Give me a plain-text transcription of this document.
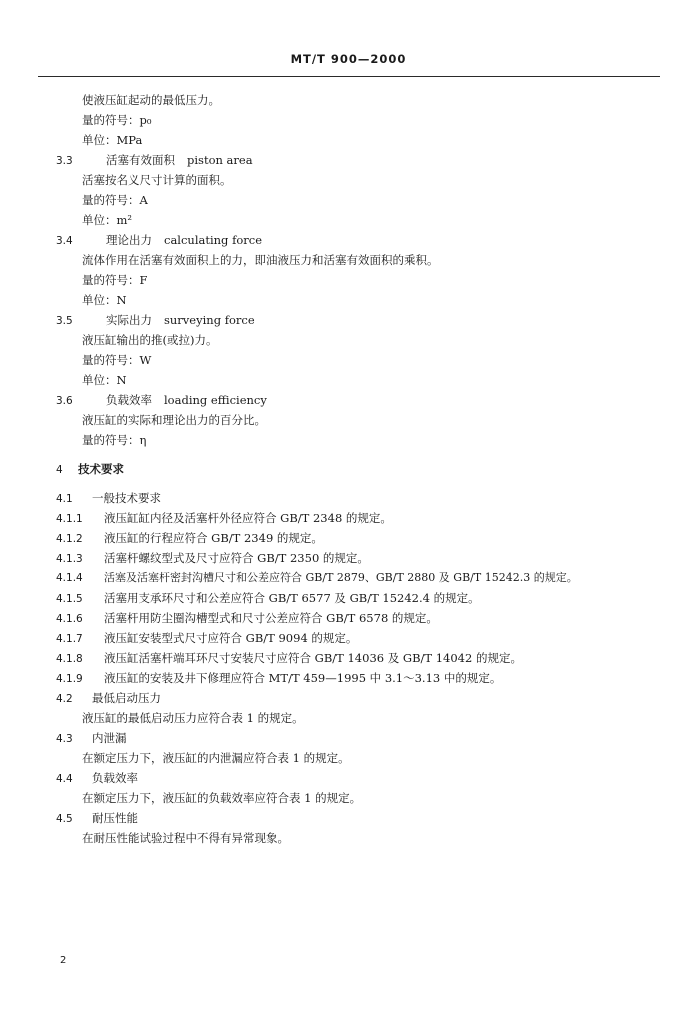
MT/T 900—2000
使液压缸起动的最低压力。
量的符号：p₀
单位：MPa
3.3	活塞有效面积 piston area
活塞按名义尺寸计算的面积。
量的符号：A
单位：m²
3.4	理论出力 calculating force
流体作用在活塞有效面积上的力，即油液压力和活塞有效面积的乘积。
量的符号：F
单位：N
3.5	实际出力 surveying force
液压缸输出的推(或拉)力。
量的符号：W
单位：N
3.6	负载效率 loading efficiency
液压缸的实际和理论出力的百分比。
量的符号：η
4 技术要求
4.1 一般技术要求
4.1.1 液压缸缸内径及活塞杆外径应符合 GB/T 2348 的规定。
4.1.2 液压缸的行程应符合 GB/T 2349 的规定。
4.1.3 活塞杆螺纹型式及尺寸应符合 GB/T 2350 的规定。
4.1.4 活塞及活塞杆密封沟槽尺寸和公差应符合 GB/T 2879、GB/T 2880 及 GB/T 15242.3 的规定。
4.1.5 活塞用支承环尺寸和公差应符合 GB/T 6577 及 GB/T 15242.4 的规定。
4.1.6 活塞杆用防尘圈沟槽型式和尺寸公差应符合 GB/T 6578 的规定。
4.1.7 液压缸安装型式尺寸应符合 GB/T 9094 的规定。
4.1.8 液压缸活塞杆端耳环尺寸安装尺寸应符合 GB/T 14036 及 GB/T 14042 的规定。
4.1.9 液压缸的安装及井下修理应符合 MT/T 459—1995 中 3.1～3.13 中的规定。
4.2 最低启动压力
液压缸的最低启动压力应符合表 1 的规定。
4.3 内泄漏
在额定压力下，液压缸的内泄漏应符合表 1 的规定。
4.4 负载效率
在额定压力下，液压缸的负载效率应符合表 1 的规定。
4.5 耐压性能
在耐压性能试验过程中不得有异常现象。
2
